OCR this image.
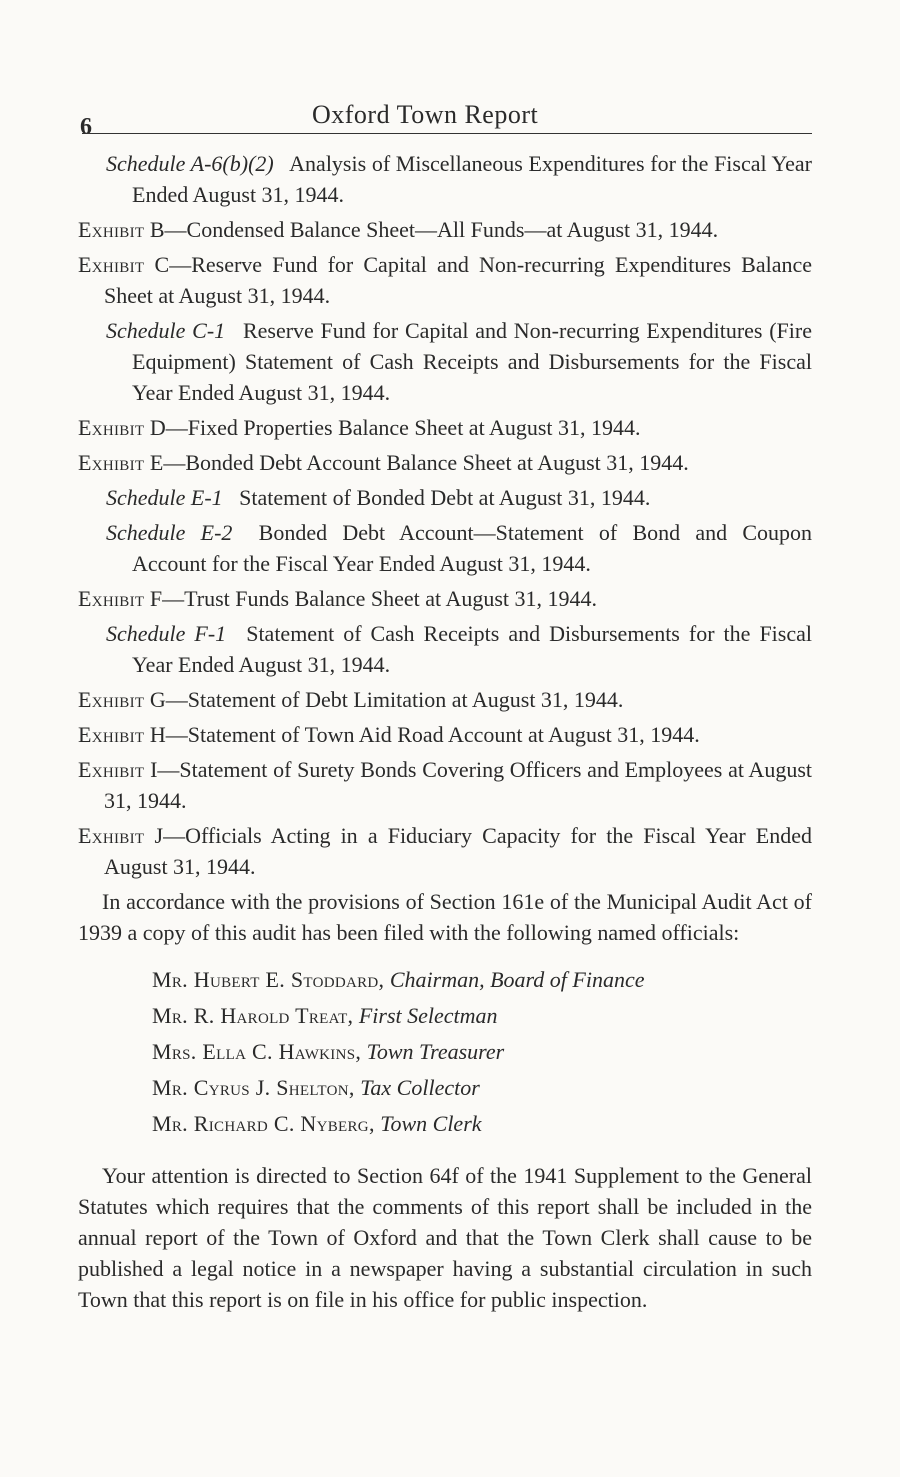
6	Oxford Town Report
Schedule A-6(b)(2)  Analysis of Miscellaneous Expenditures for the Fiscal Year Ended August 31, 1944.
Exhibit B—Condensed Balance Sheet—All Funds—at August 31, 1944.
Exhibit C—Reserve Fund for Capital and Non-recurring Expenditures Balance Sheet at August 31, 1944.
Schedule C-1  Reserve Fund for Capital and Non-recurring Expenditures (Fire Equipment) Statement of Cash Receipts and Disbursements for the Fiscal Year Ended August 31, 1944.
Exhibit D—Fixed Properties Balance Sheet at August 31, 1944.
Exhibit E—Bonded Debt Account Balance Sheet at August 31, 1944.
Schedule E-1  Statement of Bonded Debt at August 31, 1944.
Schedule E-2  Bonded Debt Account—Statement of Bond and Coupon Account for the Fiscal Year Ended August 31, 1944.
Exhibit F—Trust Funds Balance Sheet at August 31, 1944.
Schedule F-1  Statement of Cash Receipts and Disbursements for the Fiscal Year Ended August 31, 1944.
Exhibit G—Statement of Debt Limitation at August 31, 1944.
Exhibit H—Statement of Town Aid Road Account at August 31, 1944.
Exhibit I—Statement of Surety Bonds Covering Officers and Employees at August 31, 1944.
Exhibit J—Officials Acting in a Fiduciary Capacity for the Fiscal Year Ended August 31, 1944.

In accordance with the provisions of Section 161e of the Municipal Audit Act of 1939 a copy of this audit has been filed with the following named officials:

Mr. Hubert E. Stoddard, Chairman, Board of Finance
Mr. R. Harold Treat, First Selectman
Mrs. Ella C. Hawkins, Town Treasurer
Mr. Cyrus J. Shelton, Tax Collector
Mr. Richard C. Nyberg, Town Clerk

Your attention is directed to Section 64f of the 1941 Supplement to the General Statutes which requires that the comments of this report shall be included in the annual report of the Town of Oxford and that the Town Clerk shall cause to be published a legal notice in a newspaper having a substantial circulation in such Town that this report is on file in his office for public inspection.
